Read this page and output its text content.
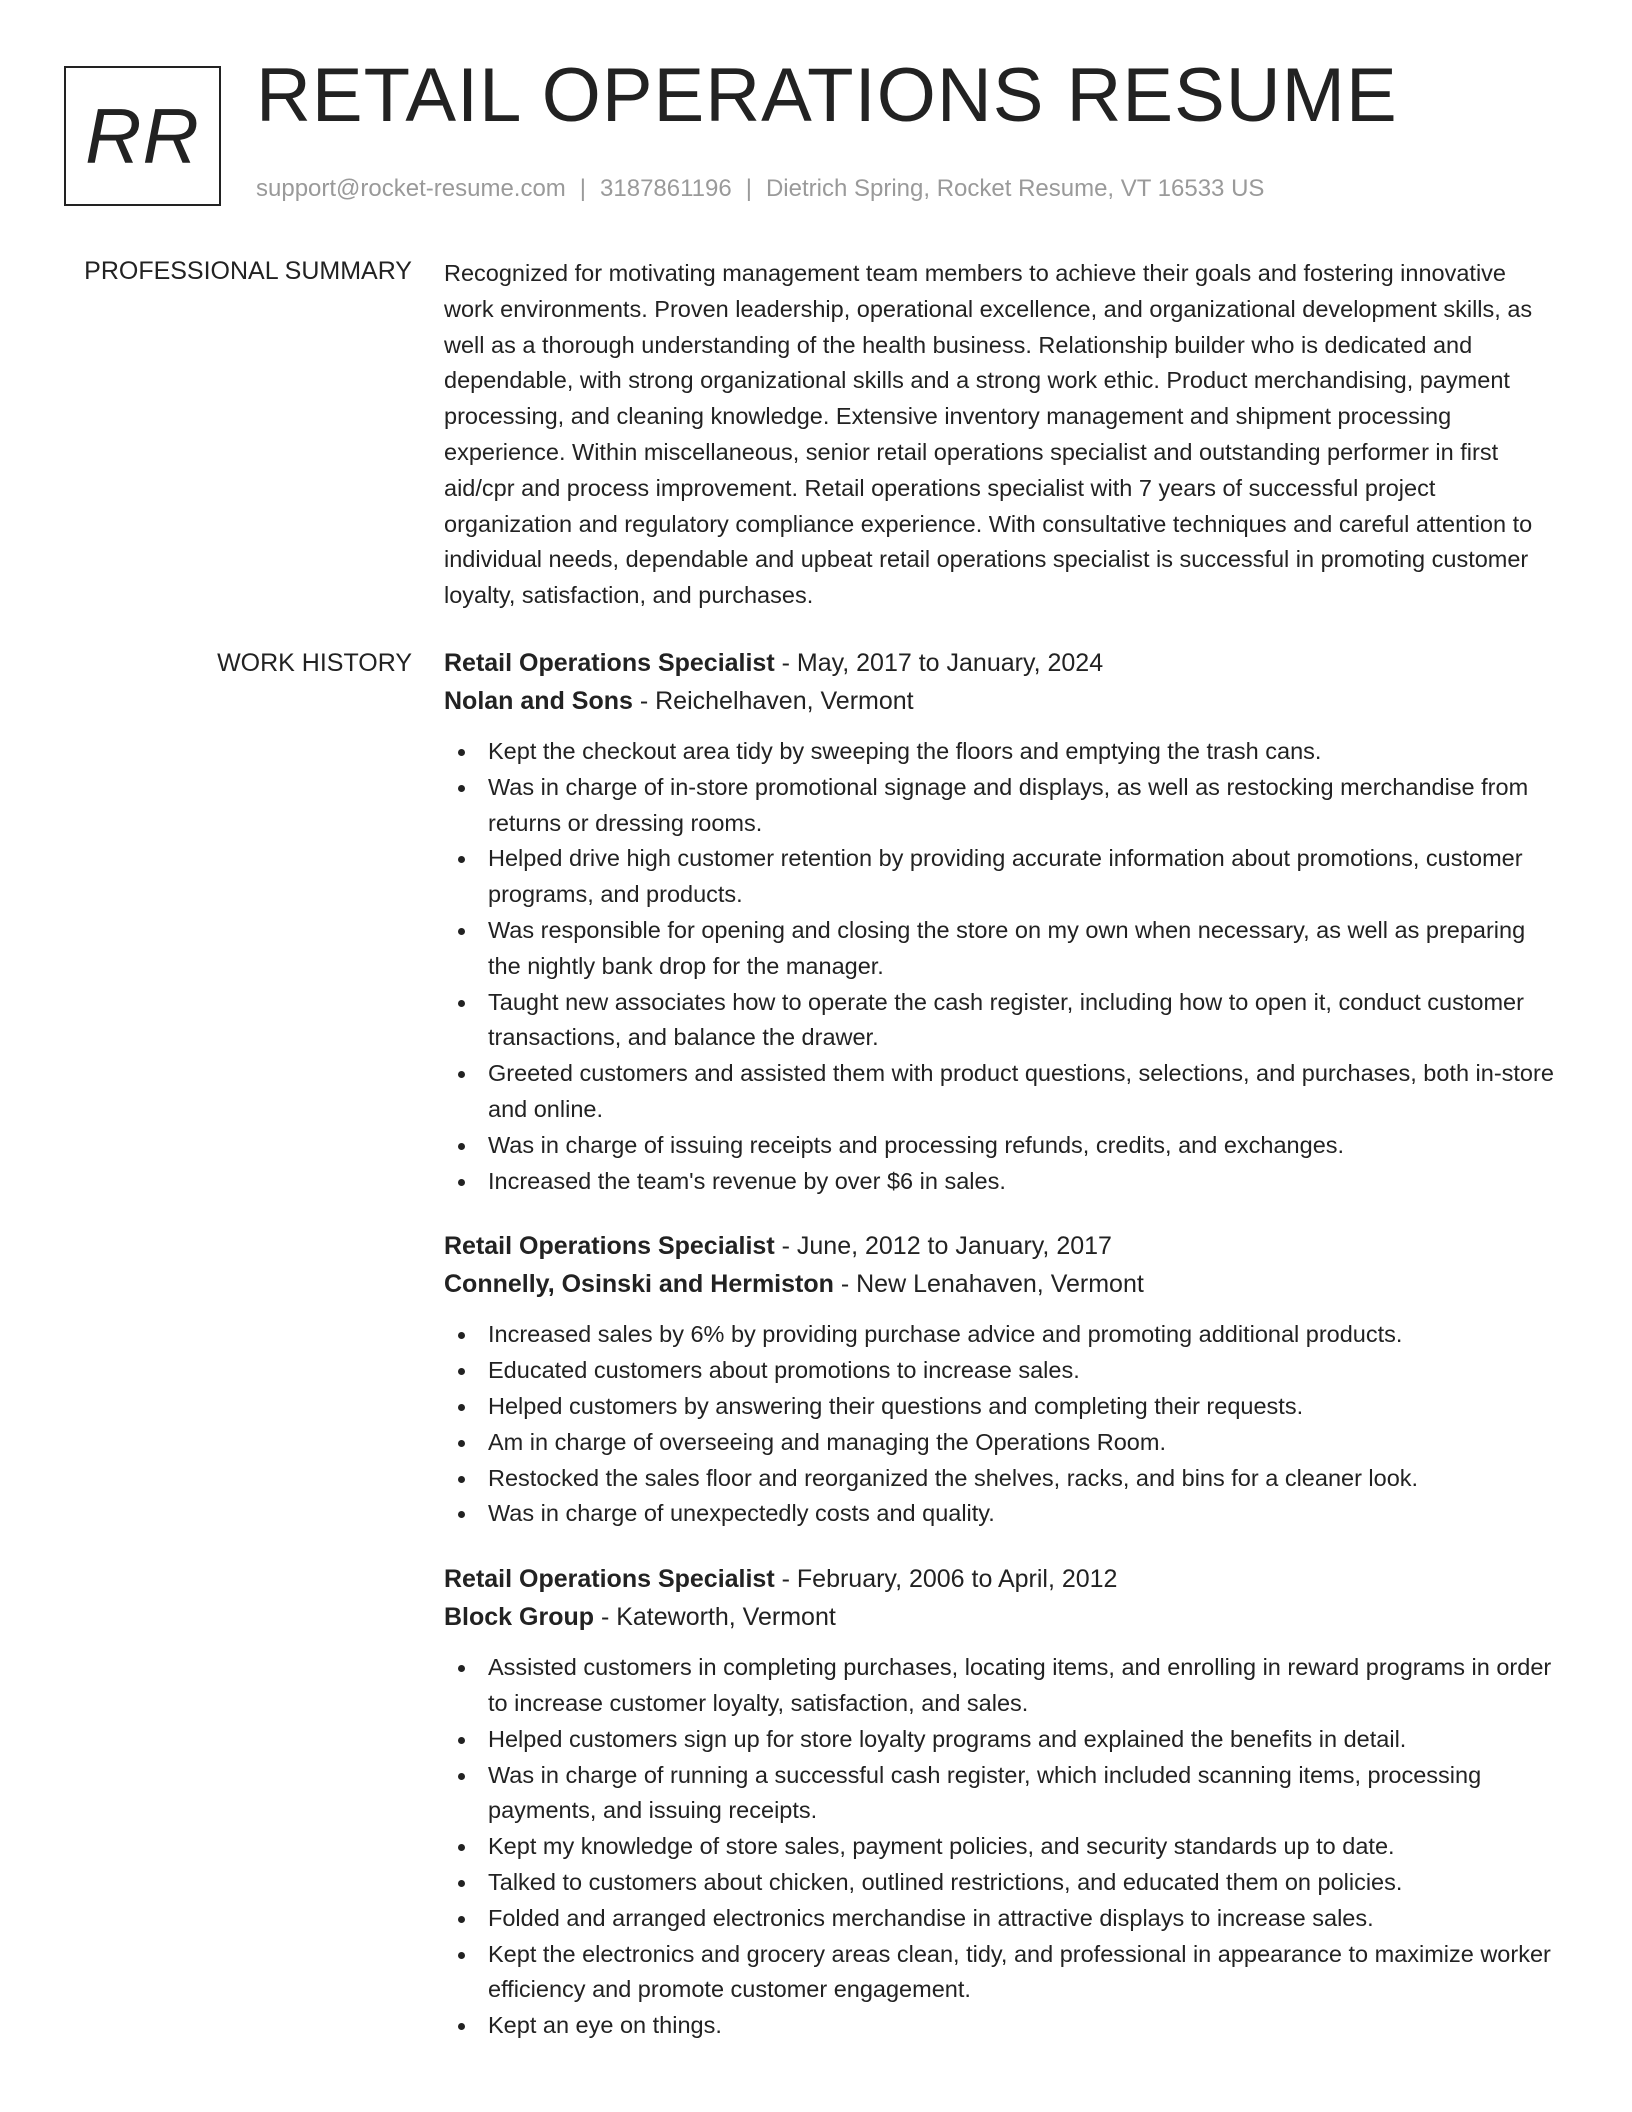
RR RETAIL OPERATIONS RESUME
support@rocket-resume.com | 3187861196 | Dietrich Spring, Rocket Resume, VT 16533 US
PROFESSIONAL SUMMARY Recognized for motivating management team members to achieve their goals and fostering innovative work environments. Proven leadership, operational excellence, and organizational development skills, as well as a thorough understanding of the health business. Relationship builder who is dedicated and dependable, with strong organizational skills and a strong work ethic. Product merchandising, payment processing, and cleaning knowledge. Extensive inventory management and shipment processing experience. Within miscellaneous, senior retail operations specialist and outstanding performer in first aid/cpr and process improvement. Retail operations specialist with 7 years of successful project organization and regulatory compliance experience. With consultative techniques and careful attention to individual needs, dependable and upbeat retail operations specialist is successful in promoting customer loyalty, satisfaction, and purchases.

WORK HISTORY Retail Operations Specialist - May, 2017 to January, 2024
Nolan and Sons - Reichelhaven, Vermont
Kept the checkout area tidy by sweeping the floors and emptying the trash cans.
Was in charge of in-store promotional signage and displays, as well as restocking merchandise from returns or dressing rooms.
Helped drive high customer retention by providing accurate information about promotions, customer programs, and products.
Was responsible for opening and closing the store on my own when necessary, as well as preparing the nightly bank drop for the manager.
Taught new associates how to operate the cash register, including how to open it, conduct customer transactions, and balance the drawer.
Greeted customers and assisted them with product questions, selections, and purchases, both in-store and online.
Was in charge of issuing receipts and processing refunds, credits, and exchanges.
Increased the team's revenue by over $6 in sales.
Retail Operations Specialist - June, 2012 to January, 2017
Connelly, Osinski and Hermiston - New Lenahaven, Vermont
Increased sales by 6% by providing purchase advice and promoting additional products.
Educated customers about promotions to increase sales.
Helped customers by answering their questions and completing their requests.
Am in charge of overseeing and managing the Operations Room.
Restocked the sales floor and reorganized the shelves, racks, and bins for a cleaner look.
Was in charge of unexpectedly costs and quality.
Retail Operations Specialist - February, 2006 to April, 2012
Block Group - Kateworth, Vermont
Assisted customers in completing purchases, locating items, and enrolling in reward programs in order to increase customer loyalty, satisfaction, and sales.
Helped customers sign up for store loyalty programs and explained the benefits in detail.
Was in charge of running a successful cash register, which included scanning items, processing payments, and issuing receipts.
Kept my knowledge of store sales, payment policies, and security standards up to date.
Talked to customers about chicken, outlined restrictions, and educated them on policies.
Folded and arranged electronics merchandise in attractive displays to increase sales.
Kept the electronics and grocery areas clean, tidy, and professional in appearance to maximize worker efficiency and promote customer engagement.
Kept an eye on things.
